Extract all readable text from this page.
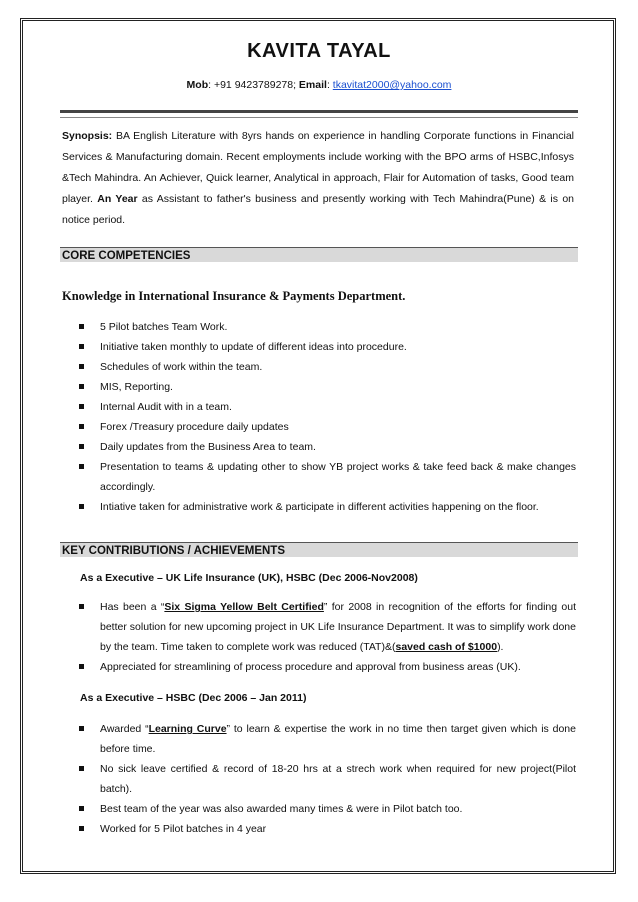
KAVITA TAYAL
Mob: +91 9423789278; Email: tkavitat2000@yahoo.com
Synopsis: BA English Literature with 8yrs hands on experience in handling Corporate functions in Financial Services & Manufacturing domain. Recent employments include working with the BPO arms of HSBC,Infosys &Tech Mahindra. An Achiever, Quick learner, Analytical in approach, Flair for Automation of tasks, Good team player. An Year as Assistant to father's business and presently working with Tech Mahindra(Pune) & is on notice period.
CORE COMPETENCIES
Knowledge in International Insurance & Payments Department.
5 Pilot batches Team Work.
Initiative taken monthly to update of different ideas into procedure.
Schedules of work within the team.
MIS, Reporting.
Internal Audit with in a team.
Forex /Treasury procedure daily updates
Daily updates from the Business Area to team.
Presentation to teams & updating other to show YB project works & take feed back & make changes accordingly.
Intiative taken for administrative work & participate in different activities happening on the floor.
KEY CONTRIBUTIONS / ACHIEVEMENTS
As a Executive – UK Life Insurance (UK), HSBC (Dec 2006-Nov2008)
Has been a “Six Sigma Yellow Belt Certified” for 2008 in recognition of the efforts for finding out better solution for new upcoming project in UK Life Insurance Department. It was to simplify work done by the team. Time taken to complete work was reduced (TAT)&(saved cash of $1000).
Appreciated for streamlining of process procedure and approval from business areas (UK).
As a Executive – HSBC (Dec 2006 – Jan 2011)
Awarded “Learning Curve” to learn & expertise the work in no time then target given which is done before time.
No sick leave certified & record of 18-20 hrs at a strech work when required for new project(Pilot batch).
Best team of the year was also awarded many times & were in Pilot batch too.
Worked for 5 Pilot batches in 4 year
